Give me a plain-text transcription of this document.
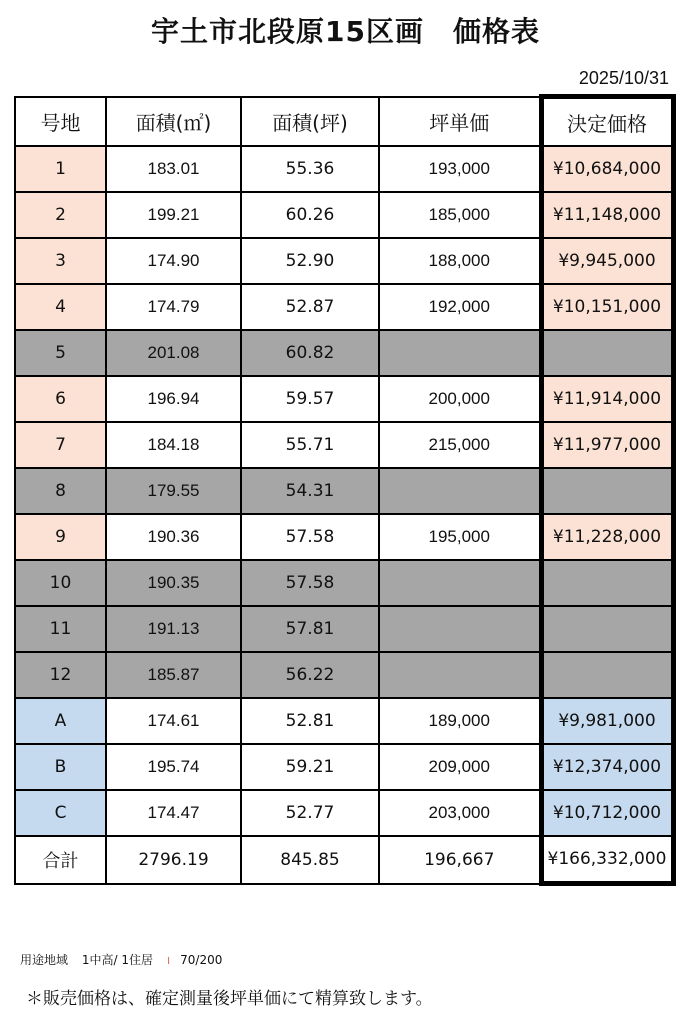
宇土市北段原15区画　価格表
2025/10/31
号地	面積(㎡)	面積(坪)	坪単価	決定価格
1	183.01	55.36	193,000	¥10,684,000
2	199.21	60.26	185,000	¥11,148,000
3	174.90	52.90	188,000	¥9,945,000
4	174.79	52.87	192,000	¥10,151,000
5	201.08	60.82		
6	196.94	59.57	200,000	¥11,914,000
7	184.18	55.71	215,000	¥11,977,000
8	179.55	54.31		
9	190.36	57.58	195,000	¥11,228,000
10	190.35	57.58		
11	191.13	57.81		
12	185.87	56.22		
A	174.61	52.81	189,000	¥9,981,000
B	195.74	59.21	209,000	¥12,374,000
C	174.47	52.77	203,000	¥10,712,000
合計	2796.19	845.85	196,667	¥166,332,000
用途地域 1中高/ 1住居 ı 70/200
＊販売価格は、確定測量後坪単価にて精算致します。
